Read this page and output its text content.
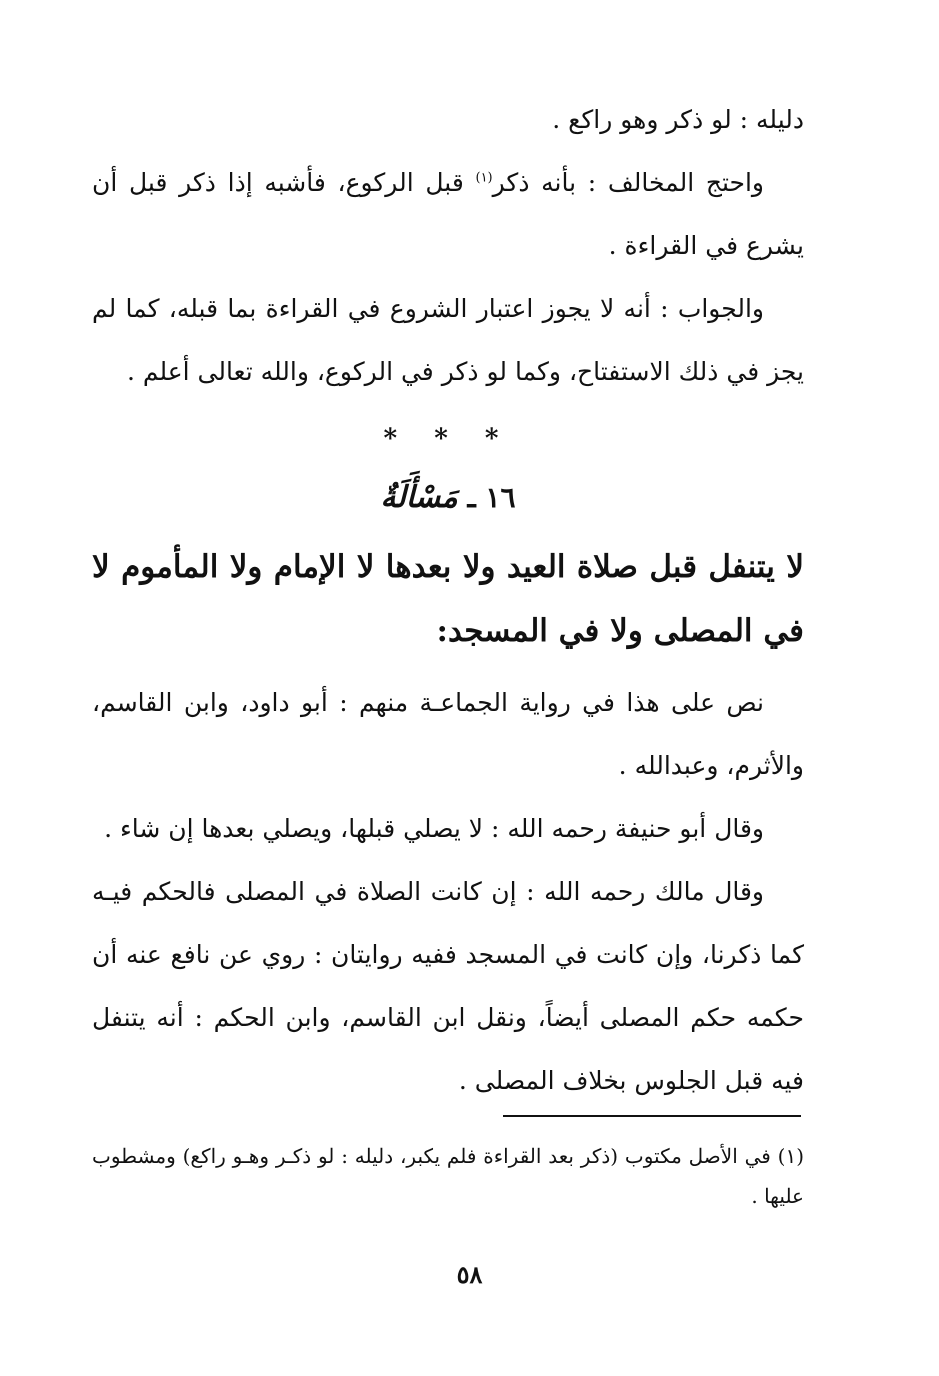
دليله : لو ذكر وهو راكع .

واحتج المخالف : بأنه ذكر$^{(١)}$ قبل الركوع، فأشبه إذا ذكر قبل أن يشرع في القراءة .

والجواب : أنه لا يجوز اعتبار الشروع في القراءة بما قبله، كما لم يجز في ذلك الاستفتاح، وكما لو ذكر في الركوع، والله تعالى أعلم .

* * *
١٦ ـ مَسْأَلَةٌ

لا يتنفل قبل صلاة العيد ولا بعدها لا الإمام ولا المأموم لا في المصلى ولا في المسجد:

نص على هذا في رواية الجماعـة منهم : أبو داود، وابن القاسم، والأثرم، وعبدالله .

وقال أبو حنيفة رحمه الله : لا يصلي قبلها، ويصلي بعدها إن شاء .

وقال مالك رحمه الله : إن كانت الصلاة في المصلى فالحكم فيـه كما ذكرنا، وإن كانت في المسجد ففيه روايتان : روي عن نافع عنه أن حكمه حكم المصلى أيضاً، ونقل ابن القاسم، وابن الحكم : أنه يتنفل فيه قبل الجلوس بخلاف المصلى .

(١) في الأصل مكتوب (ذكر بعد القراءة فلم يكبر، دليله : لو ذكـر وهـو راكع) ومشطوب عليها .
٥٨
